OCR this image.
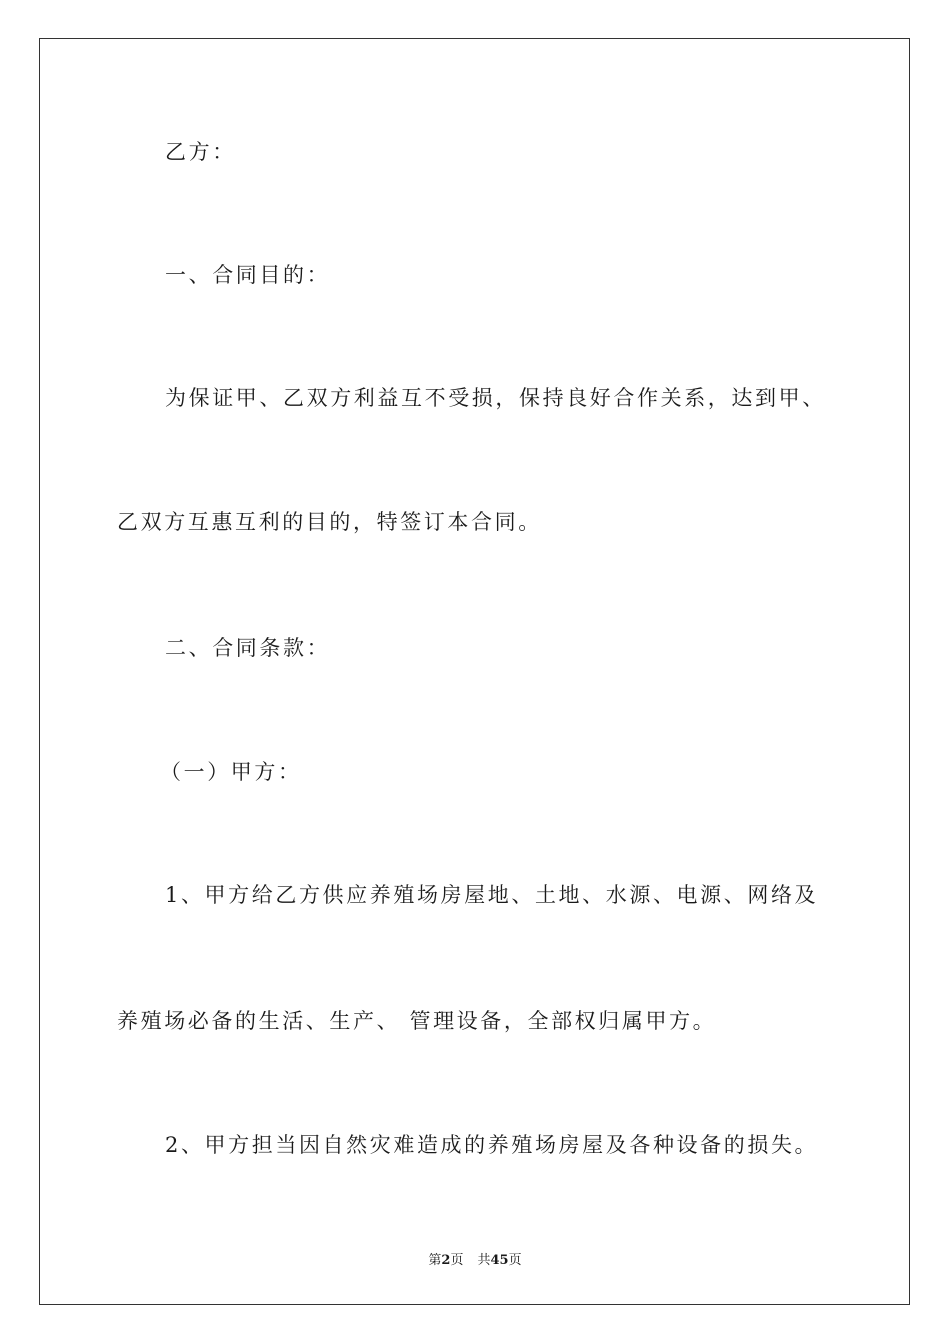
乙方：
一、合同目的：
为保证甲、乙双方利益互不受损，保持良好合作关系，达到甲、
乙双方互惠互利的目的，特签订本合同。
二、合同条款：
（一）甲方：
1、甲方给乙方供应养殖场房屋地、土地、水源、电源、网络及
养殖场必备的生活、生产、 管理设备，全部权归属甲方。
2、甲方担当因自然灾难造成的养殖场房屋及各种设备的损失。
第2页 共45页
